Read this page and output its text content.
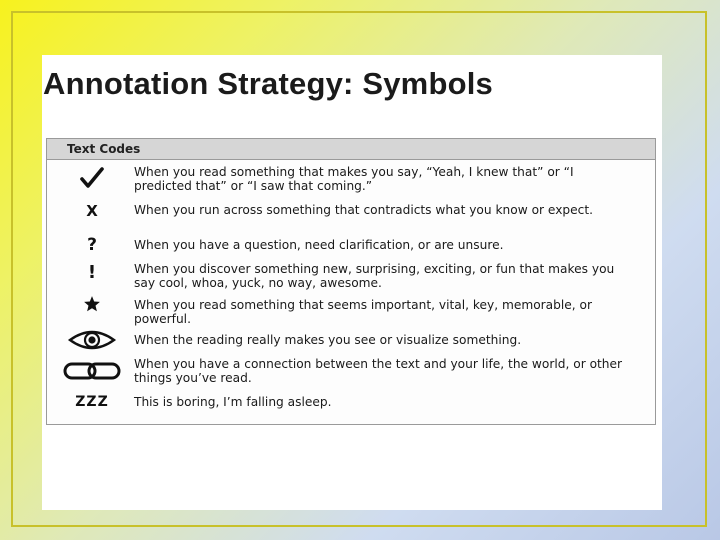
Annotation Strategy: Symbols
Text Codes
When you read something that makes you say, “Yeah, I knew that” or “I predicted that” or “I saw that coming.”
X	When you run across something that contradicts what you know or expect.
?	When you have a question, need clarification, or are unsure.
!	When you discover something new, surprising, exciting, or fun that makes you say cool, whoa, yuck, no way, awesome.
When you read something that seems important, vital, key, memorable, or powerful.
When the reading really makes you see or visualize something.
When you have a connection between the text and your life, the world, or other things you’ve read.
ZZZ This is boring, I’m falling asleep.
